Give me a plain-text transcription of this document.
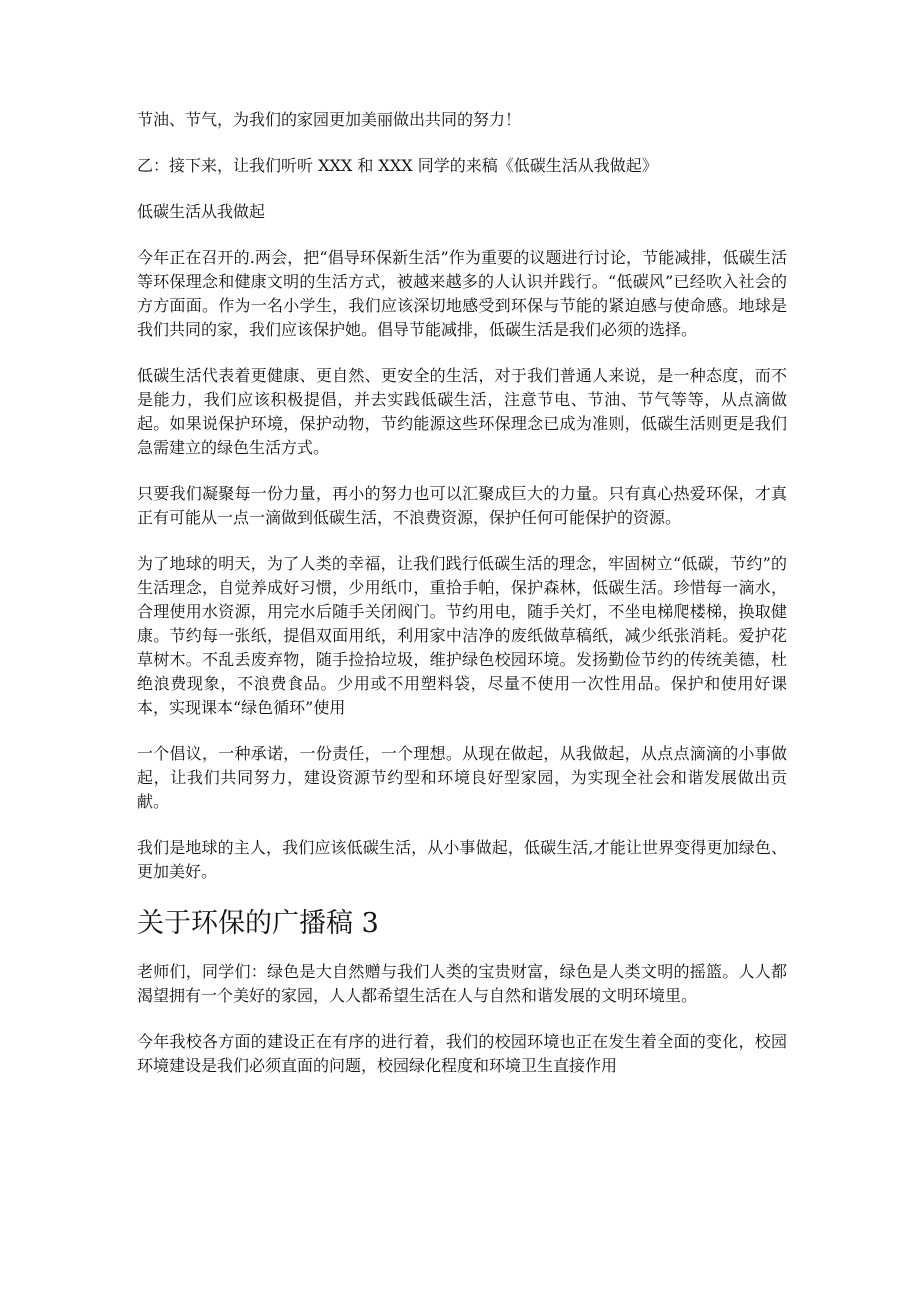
节油、节气，为我们的家园更加美丽做出共同的努力！

乙：接下来，让我们听听 XXX 和 XXX 同学的来稿《低碳生活从我做起》

低碳生活从我做起

今年正在召开的.两会，把“倡导环保新生活”作为重要的议题进行讨论，节能减排，低碳生活等环保理念和健康文明的生活方式，被越来越多的人认识并践行。“低碳风”已经吹入社会的方方面面。作为一名小学生，我们应该深切地感受到环保与节能的紧迫感与使命感。地球是我们共同的家，我们应该保护她。倡导节能减排，低碳生活是我们必须的选择。

低碳生活代表着更健康、更自然、更安全的生活，对于我们普通人来说，是一种态度，而不是能力，我们应该积极提倡，并去实践低碳生活，注意节电、节油、节气等等，从点滴做起。如果说保护环境，保护动物，节约能源这些环保理念已成为准则，低碳生活则更是我们急需建立的绿色生活方式。

只要我们凝聚每一份力量，再小的努力也可以汇聚成巨大的力量。只有真心热爱环保，才真正有可能从一点一滴做到低碳生活，不浪费资源，保护任何可能保护的资源。

为了地球的明天，为了人类的幸福，让我们践行低碳生活的理念，牢固树立“低碳，节约”的生活理念，自觉养成好习惯，少用纸巾，重拾手帕，保护森林，低碳生活。珍惜每一滴水，合理使用水资源，用完水后随手关闭阀门。节约用电，随手关灯，不坐电梯爬楼梯，换取健康。节约每一张纸，提倡双面用纸，利用家中洁净的废纸做草稿纸，减少纸张消耗。爱护花草树木。不乱丢废弃物，随手捡拾垃圾，维护绿色校园环境。发扬勤俭节约的传统美德，杜绝浪费现象，不浪费食品。少用或不用塑料袋，尽量不使用一次性用品。保护和使用好课本，实现课本“绿色循环”使用

一个倡议，一种承诺，一份责任，一个理想。从现在做起，从我做起，从点点滴滴的小事做起，让我们共同努力，建设资源节约型和环境良好型家园，为实现全社会和谐发展做出贡献。

我们是地球的主人，我们应该低碳生活，从小事做起，低碳生活,才能让世界变得更加绿色、更加美好。

关于环保的广播稿 3

老师们，同学们：绿色是大自然赠与我们人类的宝贵财富，绿色是人类文明的摇篮。人人都渴望拥有一个美好的家园，人人都希望生活在人与自然和谐发展的文明环境里。

今年我校各方面的建设正在有序的进行着，我们的校园环境也正在发生着全面的变化，校园环境建设是我们必须直面的问题，校园绿化程度和环境卫生直接作用
